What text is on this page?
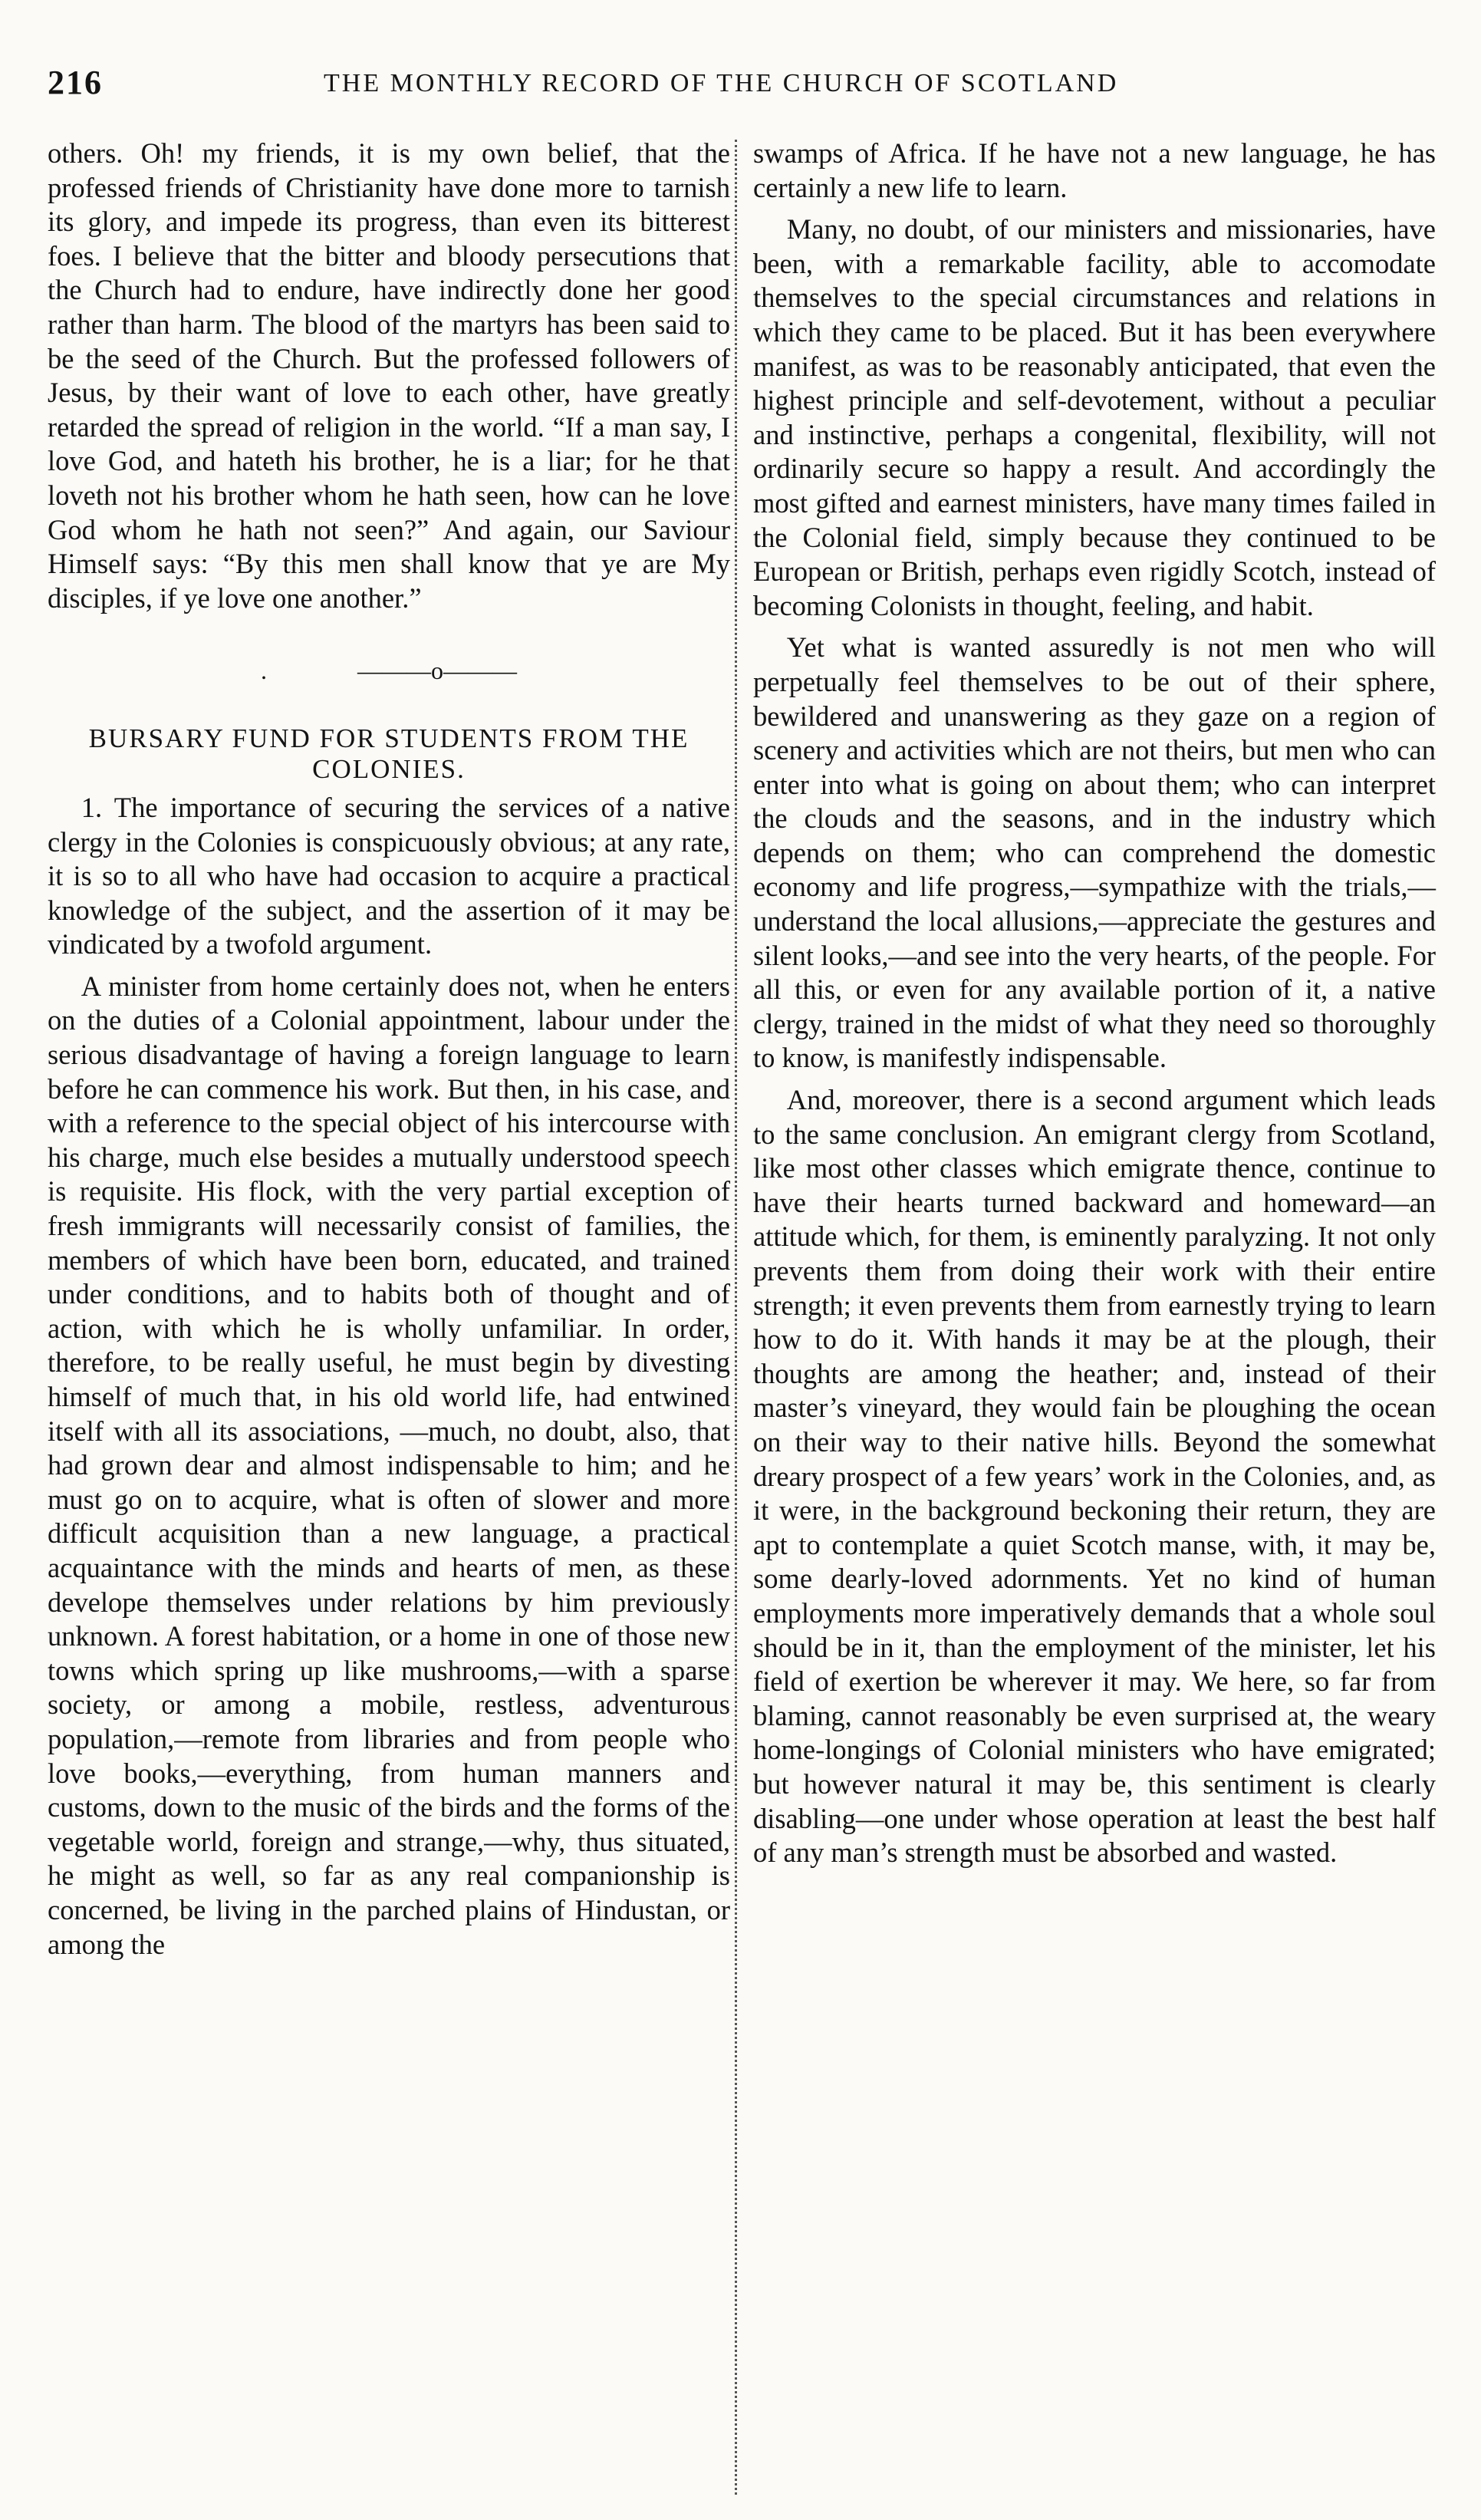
216	THE MONTHLY RECORD OF THE CHURCH OF SCOTLAND

others. Oh! my friends, it is my own belief, that the professed friends of Christianity have done more to tarnish its glory, and impede its progress, than even its bitterest foes. I believe that the bitter and bloody persecutions that the Church had to endure, have indirectly done her good rather than harm. The blood of the martyrs has been said to be the seed of the Church. But the professed followers of Jesus, by their want of love to each other, have greatly retarded the spread of religion in the world. “If a man say, I love God, and hateth his brother, he is a liar; for he that loveth not his brother whom he hath seen, how can he love God whom he hath not seen?” And again, our Saviour Himself says: “By this men shall know that ye are My disciples, if ye love one another.”

.	———o———
BURSARY FUND FOR STUDENTS FROM THE COLONIES.

1. The importance of securing the services of a native clergy in the Colonies is conspicuously obvious; at any rate, it is so to all who have had occasion to acquire a practical knowledge of the subject, and the assertion of it may be vindicated by a twofold argument.

A minister from home certainly does not, when he enters on the duties of a Colonial appointment, labour under the serious disadvantage of having a foreign language to learn before he can commence his work. But then, in his case, and with a reference to the special object of his intercourse with his charge, much else besides a mutually understood speech is requisite. His flock, with the very partial exception of fresh immigrants will necessarily consist of families, the members of which have been born, educated, and trained under conditions, and to habits both of thought and of action, with which he is wholly unfamiliar. In order, therefore, to be really useful, he must begin by divesting himself of much that, in his old world life, had entwined itself with all its associations, —much, no doubt, also, that had grown dear and almost indispensable to him; and he must go on to acquire, what is often of slower and more difficult acquisition than a new language, a practical acquaintance with the minds and hearts of men, as these develope themselves under relations by him previously unknown. A forest habitation, or a home in one of those new towns which spring up like mushrooms,—with a sparse society, or among a mobile, restless, adventurous population,—remote from libraries and from people who love books,—everything, from human manners and customs, down to the music of the birds and the forms of the vegetable world, foreign and strange,—why, thus situated, he might as well, so far as any real companionship is concerned, be living in the parched plains of Hindustan, or among the

swamps of Africa. If he have not a new language, he has certainly a new life to learn.

Many, no doubt, of our ministers and missionaries, have been, with a remarkable facility, able to accomodate themselves to the special circumstances and relations in which they came to be placed. But it has been everywhere manifest, as was to be reasonably anticipated, that even the highest principle and self-devotement, without a peculiar and instinctive, perhaps a congenital, flexibility, will not ordinarily secure so happy a result. And accordingly the most gifted and earnest ministers, have many times failed in the Colonial field, simply because they continued to be European or British, perhaps even rigidly Scotch, instead of becoming Colonists in thought, feeling, and habit.

Yet what is wanted assuredly is not men who will perpetually feel themselves to be out of their sphere, bewildered and unanswering as they gaze on a region of scenery and activities which are not theirs, but men who can enter into what is going on about them; who can interpret the clouds and the seasons, and in the industry which depends on them; who can comprehend the domestic economy and life progress,—sympathize with the trials,—understand the local allusions,—appreciate the gestures and silent looks,—and see into the very hearts, of the people. For all this, or even for any available portion of it, a native clergy, trained in the midst of what they need so thoroughly to know, is manifestly indispensable.

And, moreover, there is a second argument which leads to the same conclusion. An emigrant clergy from Scotland, like most other classes which emigrate thence, continue to have their hearts turned backward and homeward—an attitude which, for them, is eminently paralyzing. It not only prevents them from doing their work with their entire strength; it even prevents them from earnestly trying to learn how to do it. With hands it may be at the plough, their thoughts are among the heather; and, instead of their master’s vineyard, they would fain be ploughing the ocean on their way to their native hills. Beyond the somewhat dreary prospect of a few years’ work in the Colonies, and, as it were, in the background beckoning their return, they are apt to contemplate a quiet Scotch manse, with, it may be, some dearly-loved adornments. Yet no kind of human employments more imperatively demands that a whole soul should be in it, than the employment of the minister, let his field of exertion be wherever it may. We here, so far from blaming, cannot reasonably be even surprised at, the weary home-longings of Colonial ministers who have emigrated; but however natural it may be, this sentiment is clearly disabling—one under whose operation at least the best half of any man’s strength must be absorbed and wasted.
